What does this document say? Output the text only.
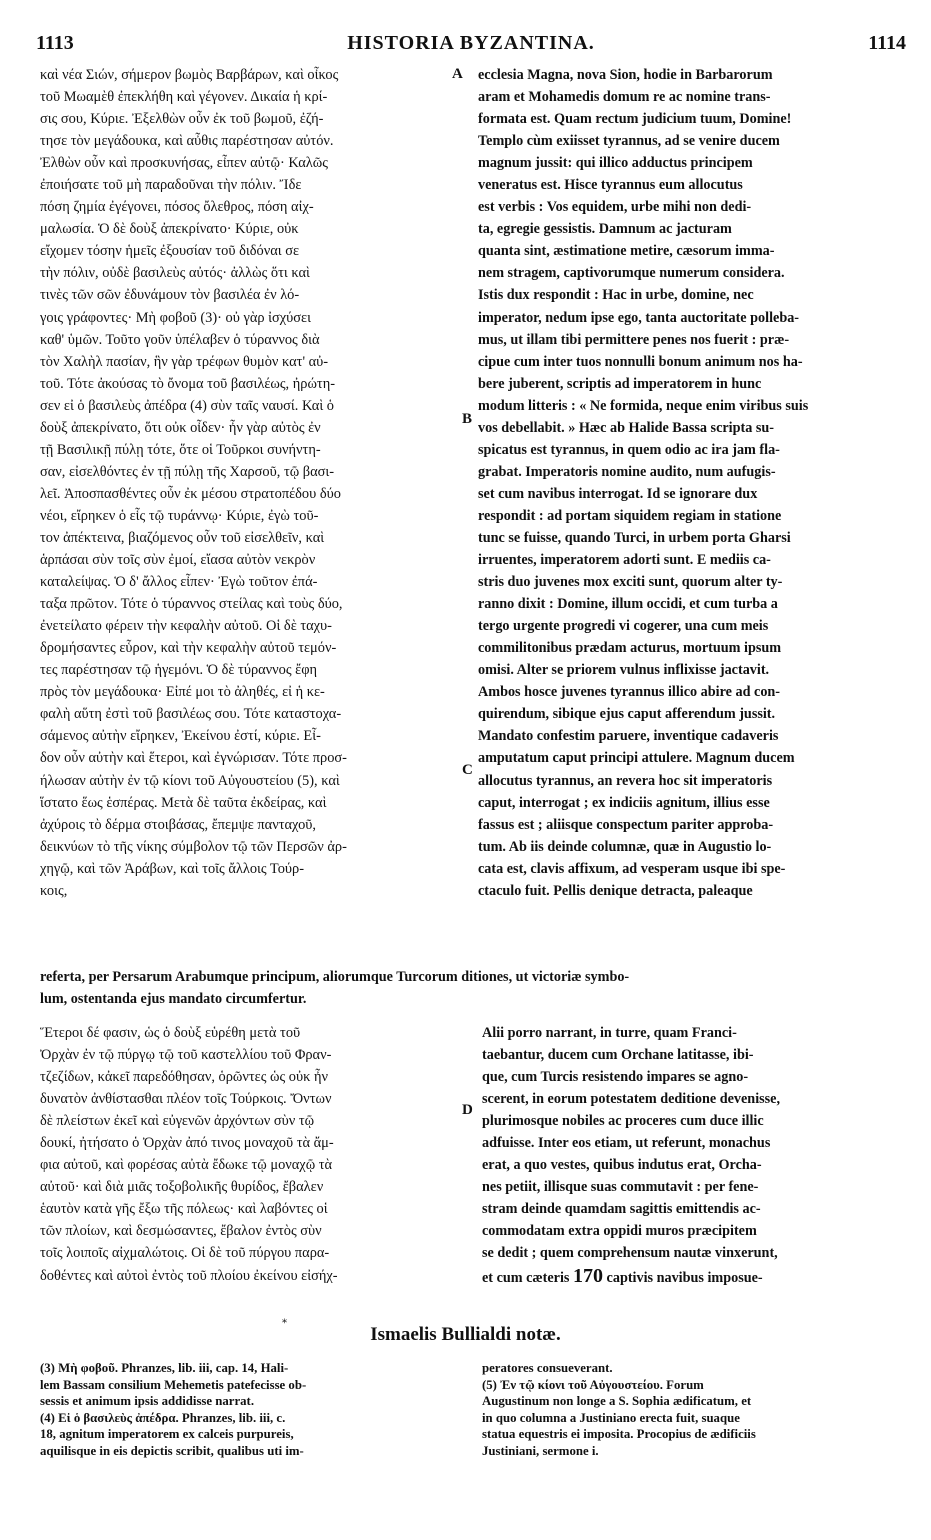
1113	HISTORIA BYZANTINA.	1114
A
B
C
D

καὶ νέα Σιών, σήμερον βωμὸς Βαρβάρων, καὶ οἶκος

τοῦ Μωαμὲθ ἐπεκλήθη καὶ γέγονεν. Δικαία ἡ κρί-

σις σου, Κύριε. Ἐξελθὼν οὖν ἐκ τοῦ βωμοῦ, ἐζή-

τησε τὸν μεγάδουκα, καὶ αὖθις παρέστησαν αὐτόν.

Ἐλθὼν οὖν καὶ προσκυνήσας, εἶπεν αὐτῷ· Καλῶς

ἐποιήσατε τοῦ μὴ παραδοῦναι τὴν πόλιν. Ἴδε

πόση ζημία ἐγέγονει, πόσος ὄλεθρος, πόση αἰχ-

μαλωσία. Ὁ δὲ δοὺξ ἀπεκρίνατο· Κύριε, οὐκ

εἴχομεν τόσην ἡμεῖς ἐξουσίαν τοῦ διδόναι σε

τὴν πόλιν, οὐδὲ βασιλεὺς αὐτός· ἀλλὼς ὅτι καὶ

τινὲς τῶν σῶν ἐδυνάμουν τὸν βασιλέα ἐν λό-

γοις γράφοντες· Μὴ φοβοῦ (3)· οὐ γὰρ ἰσχύσει

καθ' ὑμῶν. Τοῦτο γοῦν ὑπέλαβεν ὁ τύραννος διὰ

τὸν Χαλὴλ πασίαν, ἣν γὰρ τρέφων θυμὸν κατ' αὐ-

τοῦ. Τότε ἀκούσας τὸ ὄνομα τοῦ βασιλέως, ἠρώτη-

σεν εἰ ὁ βασιλεὺς ἀπέδρα (4) σὺν ταῖς ναυσί. Καὶ ὁ

δοὺξ ἀπεκρίνατο, ὅτι οὐκ οἶδεν· ἦν γὰρ αὐτὸς ἐν

τῇ Βασιλικῇ πύλῃ τότε, ὅτε οἱ Τοῦρκοι συνήντη-

σαν, εἰσελθόντες ἐν τῇ πύλῃ τῆς Χαρσοῦ, τῷ βασι-

λεῖ. Ἀποσπασθέντες οὖν ἐκ μέσου στρατοπέδου δύο

νέοι, εἴρηκεν ὁ εἷς τῷ τυράννῳ· Κύριε, ἐγὼ τοῦ-

τον ἀπέκτεινα, βιαζόμενος οὖν τοῦ εἰσελθεῖν, καὶ

ἁρπάσαι σὺν τοῖς σὺν ἐμοί, εἴασα αὐτὸν νεκρὸν

καταλείψας. Ὁ δ' ἄλλος εἶπεν· Ἐγὼ τοῦτον ἐπά-

ταξα πρῶτον. Τότε ὁ τύραννος στείλας καὶ τοὺς δύο,

ἐνετείλατο φέρειν τὴν κεφαλὴν αὐτοῦ. Οἱ δὲ ταχυ-

δρομήσαντες εὗρον, καὶ τὴν κεφαλὴν αὐτοῦ τεμόν-

τες παρέστησαν τῷ ἡγεμόνι. Ὁ δὲ τύραννος ἔφη

πρὸς τὸν μεγάδουκα· Εἰπέ μοι τὸ ἀληθές, εἰ ἡ κε-

φαλὴ αὕτη ἐστὶ τοῦ βασιλέως σου. Τότε καταστοχα-

σάμενος αὐτὴν εἴρηκεν, Ἐκείνου ἐστί, κύριε. Εἶ-

δον οὖν αὐτὴν καὶ ἕτεροι, καὶ ἐγνώρισαν. Τότε προσ-

ήλωσαν αὐτὴν ἐν τῷ κίονι τοῦ Αὐγουστείου (5), καὶ

ἵστατο ἕως ἑσπέρας. Μετὰ δὲ ταῦτα ἐκδείρας, καὶ

ἀχύροις τὸ δέρμα στοιβάσας, ἔπεμψε πανταχοῦ,

δεικνύων τὸ τῆς νίκης σύμβολον τῷ τῶν Περσῶν ἀρ-

χηγῷ, καὶ τῶν Ἀράβων, καὶ τοῖς ἄλλοις Τούρ-

κοις,

ecclesia Magna, nova Sion, hodie in Barbarorum

aram et Mohamedis domum re ac nomine trans-

formata est. Quam rectum judicium tuum, Domine!

Templo cùm exiisset tyrannus, ad se venire ducem

magnum jussit: qui illico adductus principem

veneratus est. Hisce tyrannus eum allocutus

est verbis : Vos equidem, urbe mihi non dedi-

ta, egregie gessistis. Damnum ac jacturam

quanta sint, æstimatione metire, cæsorum imma-

nem stragem, captivorumque numerum considera.

Istis dux respondit : Hac in urbe, domine, nec

imperator, nedum ipse ego, tanta auctoritate polleba-

mus, ut illam tibi permittere penes nos fuerit : præ-

cipue cum inter tuos nonnulli bonum animum nos ha-

bere juberent, scriptis ad imperatorem in hunc

modum litteris : « Ne formida, neque enim viribus suis

vos debellabit. » Hæc ab Halide Bassa scripta su-

spicatus est tyrannus, in quem odio ac ira jam fla-

grabat. Imperatoris nomine audito, num aufugis-

set cum navibus interrogat. Id se ignorare dux

respondit : ad portam siquidem regiam in statione

tunc se fuisse, quando Turci, in urbem porta Gharsi

irruentes, imperatorem adorti sunt. E mediis ca-

stris duo juvenes mox exciti sunt, quorum alter ty-

ranno dixit : Domine, illum occidi, et cum turba a

tergo urgente progredi vi cogerer, una cum meis

commilitonibus prædam acturus, mortuum ipsum

omisi. Alter se priorem vulnus inflixisse jactavit.

Ambos hosce juvenes tyrannus illico abire ad con-

quirendum, sibique ejus caput afferendum jussit.

Mandato confestim paruere, inventique cadaveris

amputatum caput principi attulere. Magnum ducem

allocutus tyrannus, an revera hoc sit imperatoris

caput, interrogat ; ex indiciis agnitum, illius esse

fassus est ; aliisque conspectum pariter approba-

tum. Ab iis deinde columnæ, quæ in Augustio lo-

cata est, clavis affixum, ad vesperam usque ibi spe-

ctaculo fuit. Pellis denique detracta, paleaque

referta, per Persarum Arabumque principum, aliorumque Turcorum ditiones, ut victoriæ symbo-
lum, ostentanda ejus mandato circumfertur.

Ἕτεροι δέ φασιν, ὡς ὁ δοὺξ εὑρέθη μετὰ τοῦ

Ὀρχὰν ἐν τῷ πύργῳ τῷ τοῦ καστελλίου τοῦ Φραν-

τζεζίδων, κἀκεῖ παρεδόθησαν, ὁρῶντες ὡς οὐκ ἦν

δυνατὸν ἀνθίστασθαι πλέον τοῖς Τούρκοις. Ὄντων

δὲ πλείστων ἐκεῖ καὶ εὐγενῶν ἀρχόντων σὺν τῷ

δουκί, ἠτήσατο ὁ Ὀρχὰν ἀπό τινος μοναχοῦ τὰ ἄμ-

φια αὐτοῦ, καὶ φορέσας αὐτὰ ἔδωκε τῷ μοναχῷ τὰ

αὐτοῦ· καὶ διὰ μιᾶς τοξοβολικῆς θυρίδος, ἔβαλεν

ἑαυτὸν κατὰ γῆς ἔξω τῆς πόλεως· καὶ λαβόντες οἱ

τῶν πλοίων, καὶ δεσμώσαντες, ἔβαλον ἐντὸς σὺν

τοῖς λοιποῖς αἰχμαλώτοις. Οἱ δὲ τοῦ πύργου παρα-

δοθέντες καὶ αὐτοὶ ἐντὸς τοῦ πλοίου ἐκείνου εἰσήχ-

Alii porro narrant, in turre, quam Franci-

taebantur, ducem cum Orchane latitasse, ibi-

que, cum Turcis resistendo impares se agno-

scerent, in eorum potestatem deditione devenisse,

plurimosque nobiles ac proceres cum duce illic

adfuisse. Inter eos etiam, ut referunt, monachus

erat, a quo vestes, quibus indutus erat, Orcha-

nes petiit, illisque suas commutavit : per fene-

stram deinde quamdam sagittis emittendis ac-

commodatam extra oppidi muros præcipitem

se dedit ; quem comprehensum nautæ vinxerunt,

et cum cæteris 170 captivis navibus imposue-

*
Ismaelis Bullialdi notæ.

(3) Μὴ φοβοῦ. Phranzes, lib. iii, cap. 14, Hali-

lem Bassam consilium Mehemetis patefecisse ob-

sessis et animum ipsis addidisse narrat.

(4) Εἰ ὁ βασιλεὺς ἀπέδρα. Phranzes, lib. iii, c.

18, agnitum imperatorem ex calceis purpureis,

aquilisque in eis depictis scribit, qualibus uti im-

peratores consueverant.

(5) Ἐν τῷ κίονι τοῦ Αὐγουστείου. Forum

Augustinum non longe a S. Sophia ædificatum, et

in quo columna a Justiniano erecta fuit, suaque

statua equestris ei imposita. Procopius de ædificiis

Justiniani, sermone i.
